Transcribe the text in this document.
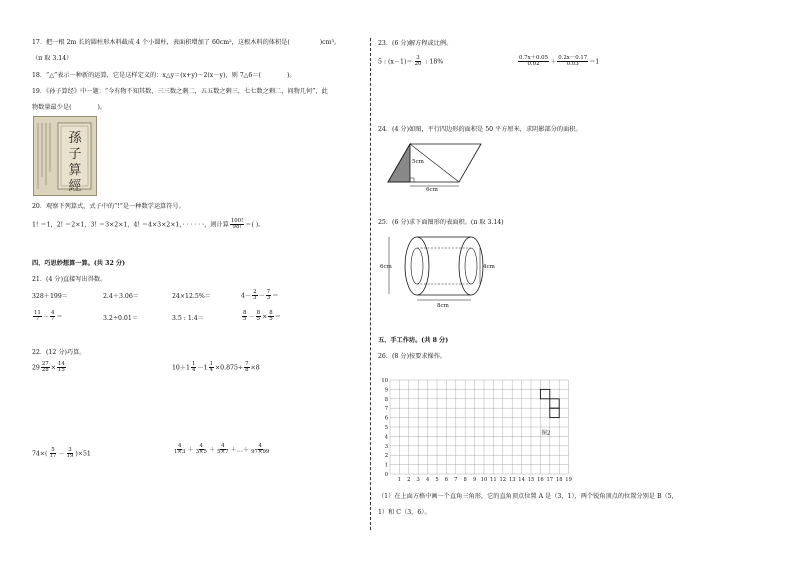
17．把一根 2m 长的圆柱形木料截成 4 个小圆柱，表面积增加了 60cm²，这根木料的体积是(	)cm³。
（π 取 3.14）
18．“△”表示一种新的运算，它是这样定义的：x△y＝(x+y)－2(x－y)，则 7△6＝(	)。
19．《孙子算经》中一题：“今有物不知其数，三三数之剩二，五五数之剩三，七七数之剩二，问物几何”，此
物数量最少是(	)。
孫子算經
20．观察下列算式，式子中的“!”是一种数学运算符号。
1! ＝1，2! ＝2×1，3! ＝3×2×1，4! ＝4×3×2×1，· · · · · ·，则计算 $\frac{100!}{98!}$ ＝( )。
四、巧思妙想算一算。(共 32 分)
21．(4 分)直接写出得数。
328＋199＝	2.4＋3.06＝	24×12.5%＝	$4- \frac{2}{3} - \frac{7}{3}$ ＝
$\frac{11}{7} - \frac{4}{7}$ ＝	3.2÷0.01＝	3.5 : 1.4＝	$\frac{8}{5} - \frac{8}{5} \times \frac{8}{5}$ ＝
22．(12 分)巧算。
$29 \frac{27}{28} \times \frac{14}{15}$	$10+1 \frac{1}{4} -1 \frac{1}{4} \times 0.875\div \frac{7}{8} \times 8$
$74\times( \frac{5}{17} - \frac{3}{19} )\times 51$	$\frac{4}{1\times 3} + \frac{4}{3\times 5} + \frac{4}{5\times 7}$ ＋…＋ $\frac{4}{97\times 99}$
23．(6 分)解方程或比例。
5 : $(x-1)= \frac{3}{20}$ : 18%	$\frac{0.7x+0.05}{0.02} + \frac{0.2x-0.17}{0.03} =1$
24．(4 分)如图，平行四边形的面积是 50 平方厘米，求阴影部分的面积。
5cm
6cm
25．(6 分)求下面图形的表面积。(π 取 3.14)
6cm	4cm
8cm
五、手工作坊。(共 8 分)
26．(8 分)按要求操作。
10
9
8
7
6
5
4
3
2
1
0
1 2 3 4 5 6 7 8 9 10 11 12 13 14 15 16 17 18 19
图2
（1）在上面方格中画一个直角三角形，它的直角顶点位置 A 是（3，1），两个锐角顶点的位置分别是 B（5，
1）和 C（3，6）。
